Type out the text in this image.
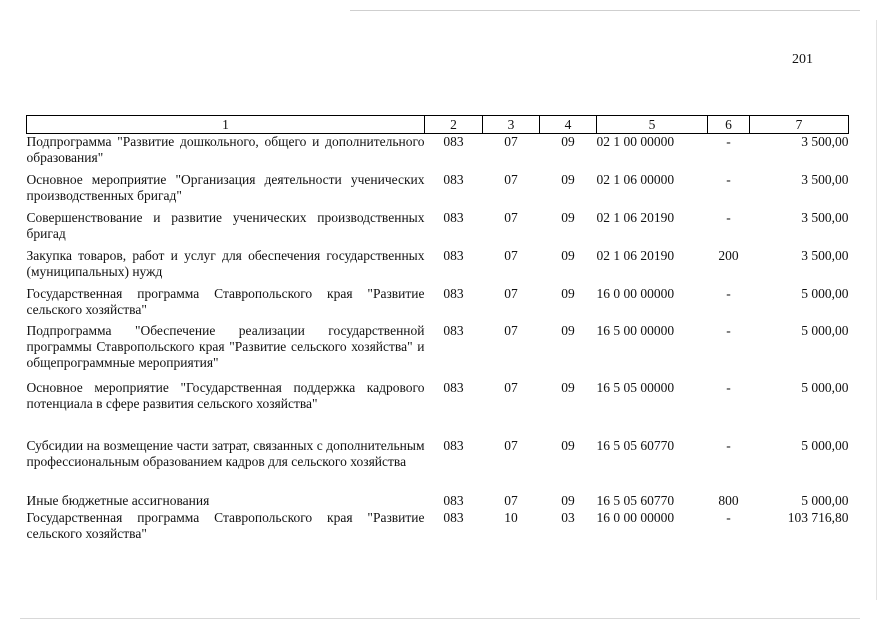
201
1	2	3	4	5	6	7
Подпрограмма "Развитие дошкольного, общего и дополнительного образования"	083	07	09	02 1 00 00000	-	3 500,00
Основное мероприятие "Организация деятельности ученических производственных бригад"	083	07	09	02 1 06 00000	-	3 500,00
Совершенствование и развитие ученических производственных бригад	083	07	09	02 1 06 20190	-	3 500,00
Закупка товаров, работ и услуг для обеспечения государственных (муниципальных) нужд	083	07	09	02 1 06 20190	200	3 500,00
Государственная программа Ставропольского края "Развитие сельского хозяйства"	083	07	09	16 0 00 00000	-	5 000,00
Подпрограмма "Обеспечение реализации государственной программы Ставропольского края "Развитие сельского хозяйства" и общепрограммные мероприятия"	083	07	09	16 5 00 00000	-	5 000,00
Основное мероприятие "Государственная поддержка кадрового потенциала в сфере развития сельского хозяйства"	083	07	09	16 5 05 00000	-	5 000,00
Субсидии на возмещение части затрат, связанных с дополнительным профессиональным образованием кадров для сельского хозяйства	083	07	09	16 5 05 60770	-	5 000,00
Иные бюджетные ассигнования	083	07	09	16 5 05 60770	800	5 000,00
Государственная программа Ставропольского края "Развитие сельского хозяйства"	083	10	03	16 0 00 00000	-	103 716,80
